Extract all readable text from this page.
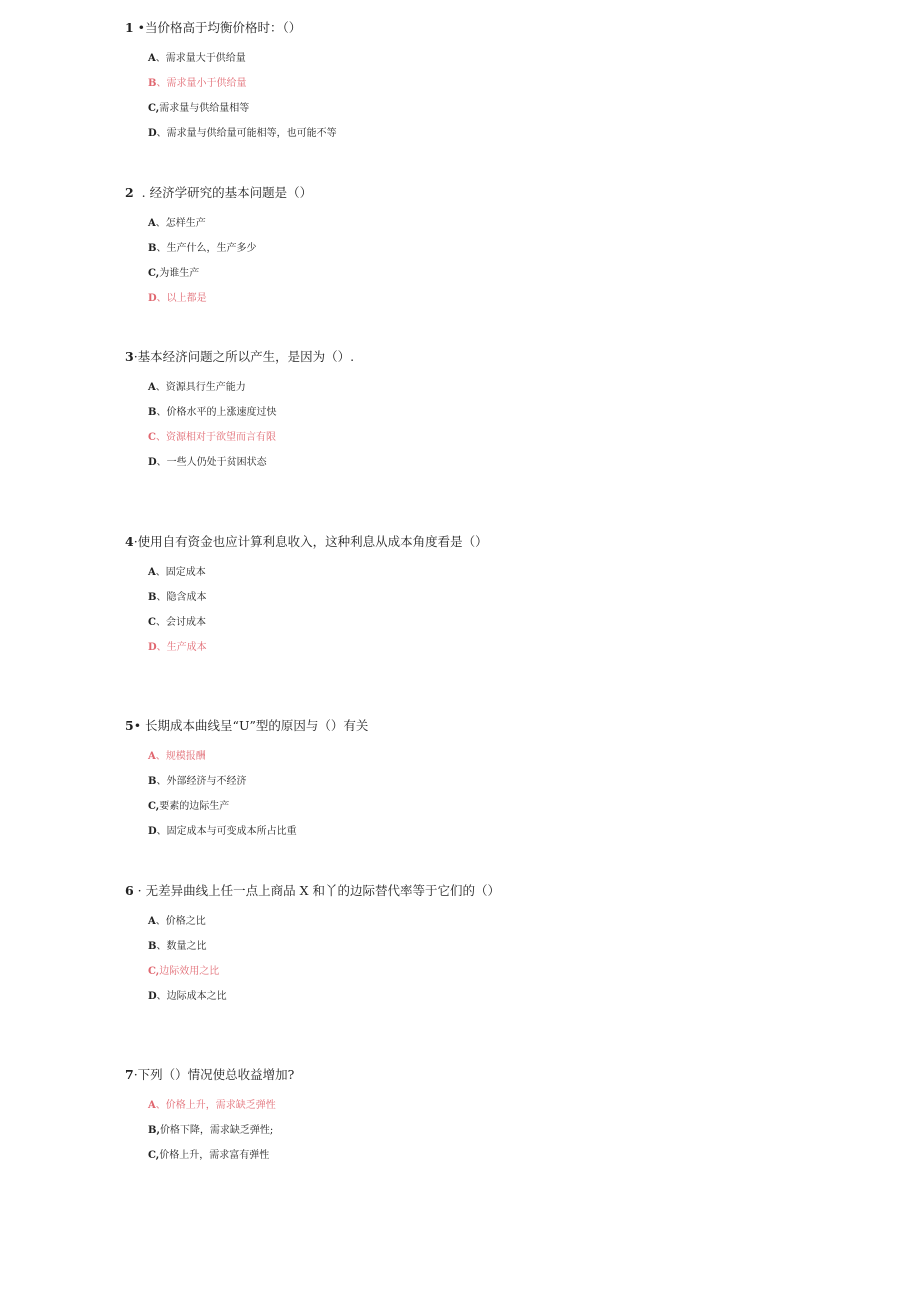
1 •当价格高于均衡价格时：（）

A、需求量大于供给量
B、需求量小于供给量
C,需求量与供给量相等
D、需求量与供给量可能相等，也可能不等

2  . 经济学研究的基本问题是（）

A、怎样生产
B、生产什么，生产多少
C,为谁生产
D、以上都是

3·基本经济问题之所以产生，是因为（）.

A、资源具行生产能力
B、价格水平的上涨速度过快
C、资源相对于欲望而言有限
D、一些人仍处于贫困状态

4·使用自有资金也应计算利息收入，这种利息从成本角度看是（）

A、固定成本
B、隐含成本
C、会讨成本
D、生产成本

5• 长期成本曲线呈“U”型的原因与（）有关

A、规模报酬
B、外部经济与不经济
C,要素的边际生产
D、固定成本与可变成本所占比重

6 · 无差异曲线上任一点上商品 X 和丫的边际替代率等于它们的（）

A、价格之比
B、数量之比
C,边际效用之比
D、边际成本之比

7·下列（）情况使总收益增加?

A、价格上升，需求缺乏弹性
B,价格下降，需求缺乏弹性;
C,价格上升，需求富有弹性
